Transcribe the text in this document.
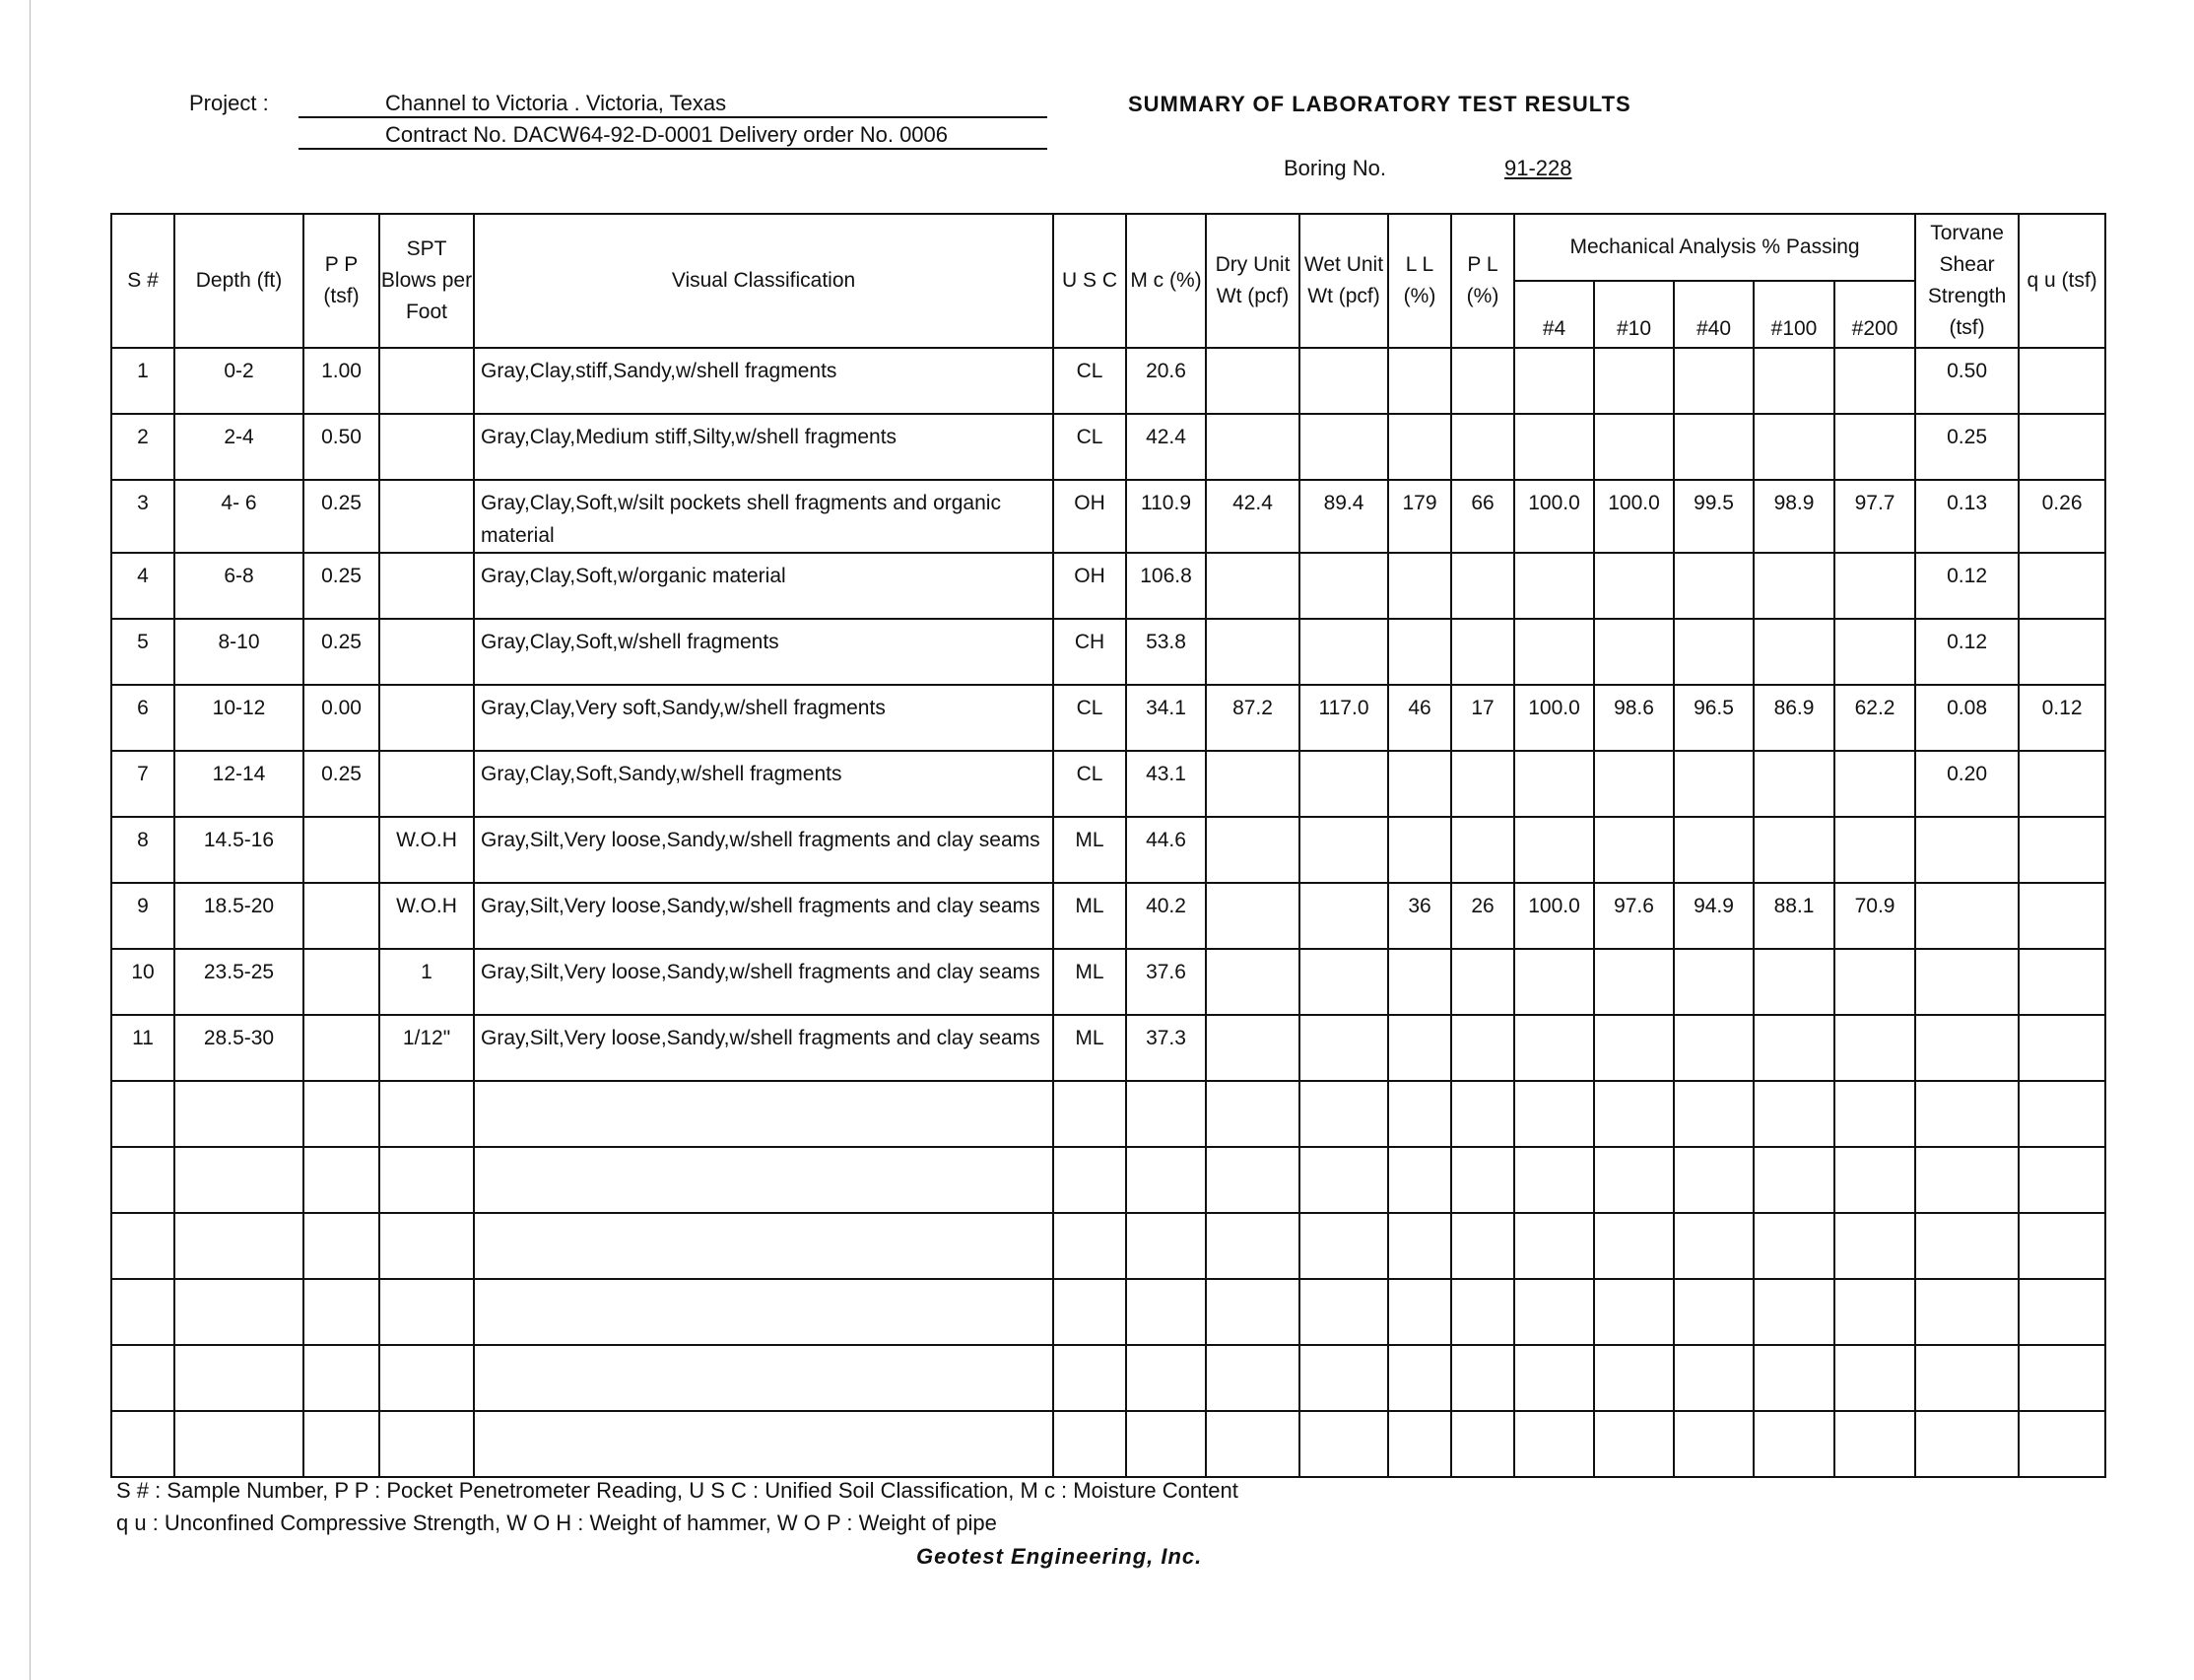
Project :	Channel to Victoria . Victoria, Texas
Contract No. DACW64-92-D-0001 Delivery order No. 0006
SUMMARY OF LABORATORY TEST RESULTS
Boring No.	91-228
S #	Depth (ft)	P P (tsf)	SPT Blows per Foot	Visual Classification	U S C	M c (%)	Dry Unit Wt (pcf)	Wet Unit Wt (pcf)	L L (%)	P L (%)	Mechanical Analysis % Passing					Torvane Shear Strength (tsf)	q u (tsf)
											#4	#10	#40	#100	#200		
1	0-2	1.00		Gray,Clay,stiff,Sandy,w/shell fragments	CL	20.6										0.50	
2	2-4	0.50		Gray,Clay,Medium stiff,Silty,w/shell fragments	CL	42.4										0.25	
3	4- 6	0.25		Gray,Clay,Soft,w/silt pockets shell fragments and organic material	OH	110.9	42.4	89.4	179	66	100.0	100.0	99.5	98.9	97.7	0.13	0.26
4	6-8	0.25		Gray,Clay,Soft,w/organic material	OH	106.8										0.12	
5	8-10	0.25		Gray,Clay,Soft,w/shell fragments	CH	53.8										0.12	
6	10-12	0.00		Gray,Clay,Very soft,Sandy,w/shell fragments	CL	34.1	87.2	117.0	46	17	100.0	98.6	96.5	86.9	62.2	0.08	0.12
7	12-14	0.25		Gray,Clay,Soft,Sandy,w/shell fragments	CL	43.1										0.20	
8	14.5-16		W.O.H	Gray,Silt,Very loose,Sandy,w/shell fragments and clay seams	ML	44.6											
9	18.5-20		W.O.H	Gray,Silt,Very loose,Sandy,w/shell fragments and clay seams	ML	40.2			36	26	100.0	97.6	94.9	88.1	70.9		
10	23.5-25		1	Gray,Silt,Very loose,Sandy,w/shell fragments and clay seams	ML	37.6											
11	28.5-30		1/12"	Gray,Silt,Very loose,Sandy,w/shell fragments and clay seams	ML	37.3											

S # : Sample Number, P P : Pocket Penetrometer Reading, U S C : Unified Soil Classification, M c : Moisture Content
q u : Unconfined Compressive Strength, W O H : Weight of hammer, W O P : Weight of pipe
Geotest Engineering, Inc.
